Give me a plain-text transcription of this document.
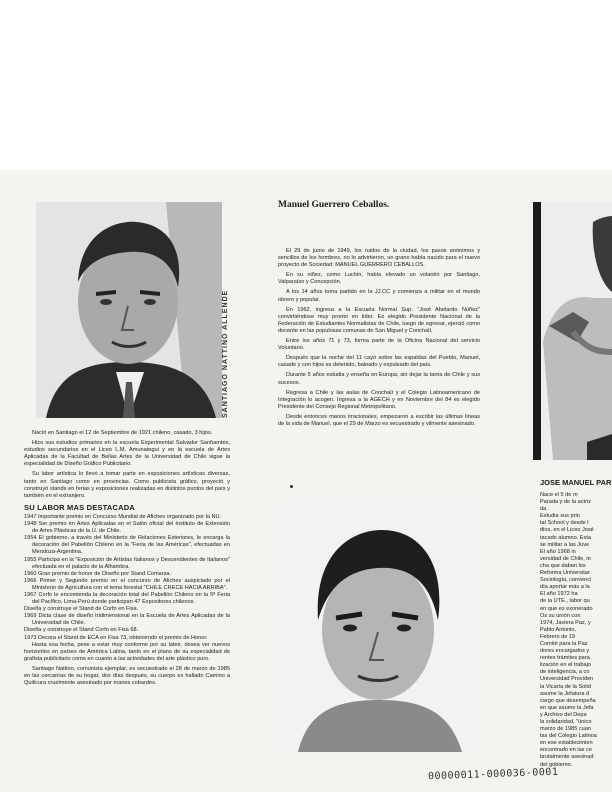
SANTIAGO NATTINO ALLENDE

Nació en Santiago el 12 de Septiembre de 1921 chileno, casado, 3 hijos.

Hizo sus estudios primarios en la escuela Experimental Salvador Sanfuentes, estudios secundarios en el Liceo L.M. Amunategui y en la escuela de Artes Aplicadas de la Facultad de Bellas Artes de la Universidad de Chile sigue la especialidad de Diseño Gráfico Publicitario.

Su labor artística lo llevó a tomar parte en exposiciones artísticas diversas, tanto en Santiago como en provincias. Como publicista gráfico, proyectó y construyó stands en ferias y exposiciones realizadas en distintos puntos del país y también en el extranjero.

SU LABOR MAS DESTACADA

1947 Importante premio en Concurso Mundial de Afiches organizado por la NU.

1948 Ser premio en Artes Aplicadas en el Salón oficial del Instituto de Extensión de Artes Plásticas de la U. de Chile.

1954 El gobierno, a través del Ministerio de Relaciones Exteriores, le encarga la decoración del Pabellón Chileno en la "Feria de las Américas", efectuadas en Mendoza-Argentina.

1955 Participa en la "Exposición de Artistas Italianos y Descendientes de Italianos" efectuada en el palacio de la Alhambra.

1960 Gran premio de honor de Diseño por Stand Comarsa.

1966 Primer y Segundo premio en el concurso de Afiches auspiciado por el Ministerio de Agricultura con el tema forestal "CHILE CRECE HACIA ARRIBA".

1967 Corfo le encomienda la decoración total del Pabellón Chileno en la 5ª Feria del Pacífico, Lima-Perú donde participan 47 Expositores chilenos.

Diseña y construye el Stand de Corfo en Fisa.

1969 Dicta clase de diseño tridimensional en la Escuela de Artes Aplicadas de la Universidad de Chile.

Diseña y construye el Stand Corfo en Fisa 68.

1973 Decora el Stand de ECA en Fisa 73, obteniendo el premio de Honor.

Hasta esa fecha, pese a estar muy conforme por su labor, desea ver nuevos horizontes en países de América Latina, tanto en el plano de su especialidad de grafista publicitario como en cuanto a las actividades del arte plástico puro.

Santiago Nattino, comunista ejemplar, es secuestrado el 28 de marzo de 1985 en las cercanías de su hogar, dos días después, su cuerpo es hallado Camino a Quilicura cruelmente asesinado por manos cobardes.

Manuel Guerrero Ceballos.

El 29 de junio de 1949, los ruidos de la ciudad, los pasos anónimos y sencillos de los hombres, no lo advirtieron, un grano había nacido para el nuevo proyecto de Sociedad: MANUEL GUERRERO CEBALLOS.

En su niñez, como Luchín, había elevado un volantín por Santiago, Valparaíso y Concepción.

A los 14 años toma partido en la JJ.CC y comienza a militar en el mundo obrero y popular.

En 1962, ingresa a la Escuela Normal Sup. "José Abelardo Núñez" convirtiéndose muy pronto en líder. Es elegido Presidente Nacional de la Federación de Estudiantes Normalistas de Chile, luego de egresar, ejerció como docente en las populosas comunas de San Miguel y Conchalí.

Entre los años 71 y 73, forma parte de la Oficina Nacional del servicio Voluntario.

Después que la noche del 11 cayó sobre las espaldas del Pueblo, Manuel, casado y con hijos es detenido, baleado y expulsado del país.

Durante 5 años estudia y enseña en Europa, sin dejar la tarea de Chile y sus sucesos.

Regresa a Chile y las aulas de Conchalí y el Colegio Latinoamericano de Integración lo acogen. Ingresa a la AGECH y en Noviembre del 84 es elegido Presidente del Consejo Regional Metropolitano.

Desde entonces manos irracionales, empezaron a escribir las últimas líneas de la vida de Manuel, que el 29 de Marzo es secuestrado y vilmente asesinado.

JOSE MANUEL PAR
Nace el 5 de m
Parada y de la actriz
da.
Estudia sus prin
tal School y desde l
dios, en el Liceo José
tacado alumno. Esta
se militar a las Juve
El año 1968 in
versidad de Chile, in
cha que daban los
Reforma Universitar
Sociología, convenci
día aportar más a la
El año 1972 ha
de la UTE., labor qu
en que es exonerado
Os su unión con
1974, Javiera Paz, y
Pablo Antonio.
Febrero de 19
Comité para la Paz
dores encargados y
rentes trámites para
lización en el trabajo
de inteligencia, a co
Universidad Providen
la Vicaría de la Solid
asume la Jefatura d
cargo que desempeña
en que asume la Jefa
y Archivo del Depa
la solidaridad, "único
marzo de 1985 cuan
tas del Colegio Latinoa
en ese establecimien
encontrado en las ce
brutalmente asesinad
del gobierno.
00000011-000036-0001
